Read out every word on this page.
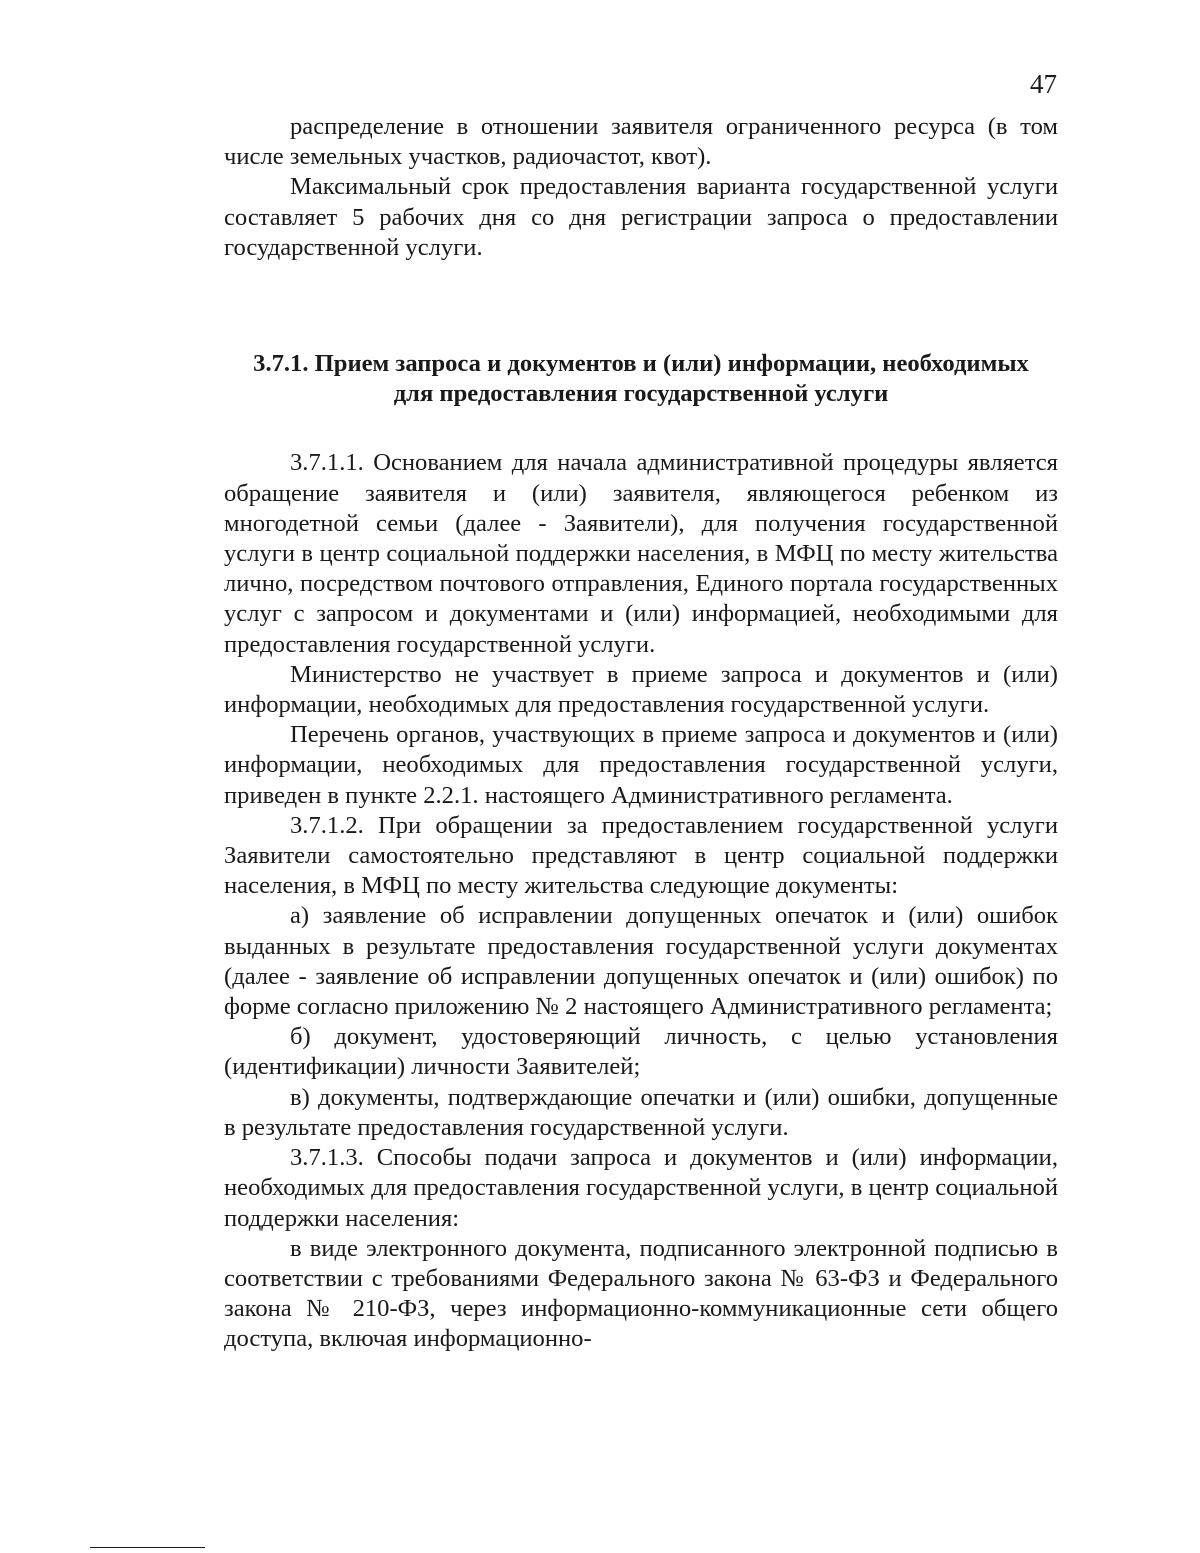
47

распределение в отношении заявителя ограниченного ресурса (в том числе земельных участков, радиочастот, квот).

Максимальный срок предоставления варианта государственной услуги составляет 5 рабочих дня со дня регистрации запроса о предоставлении государственной услуги.

3.7.1. Прием запроса и документов и (или) информации, необходимых
для предоставления государственной услуги

3.7.1.1. Основанием для начала административной процедуры является обращение заявителя и (или) заявителя, являющегося ребенком из многодетной семьи (далее - Заявители), для получения государственной услуги в центр социальной поддержки населения, в МФЦ по месту жительства лично, посредством почтового отправления, Единого портала государственных услуг с запросом и документами и (или) информацией, необходимыми для предоставления государственной услуги.

Министерство не участвует в приеме запроса и документов и (или) информации, необходимых для предоставления государственной услуги.

Перечень органов, участвующих в приеме запроса и документов и (или) информации, необходимых для предоставления государственной услуги, приведен в пункте 2.2.1. настоящего Административного регламента.

3.7.1.2. При обращении за предоставлением государственной услуги Заявители самостоятельно представляют в центр социальной поддержки населения, в МФЦ по месту жительства следующие документы:

а) заявление об исправлении допущенных опечаток и (или) ошибок выданных в результате предоставления государственной услуги документах (далее - заявление об исправлении допущенных опечаток и (или) ошибок) по форме согласно приложению № 2 настоящего Административного регламента;

б) документ, удостоверяющий личность, с целью установления (идентификации) личности Заявителей;

в) документы, подтверждающие опечатки и (или) ошибки, допущенные в результате предоставления государственной услуги.

3.7.1.3. Способы подачи запроса и документов и (или) информации, необходимых для предоставления государственной услуги, в центр социальной поддержки населения:

в виде электронного документа, подписанного электронной подписью в соответствии с требованиями Федерального закона № 63-ФЗ и Федерального закона № 210-ФЗ, через информационно-коммуникационные сети общего доступа, включая информационно-
